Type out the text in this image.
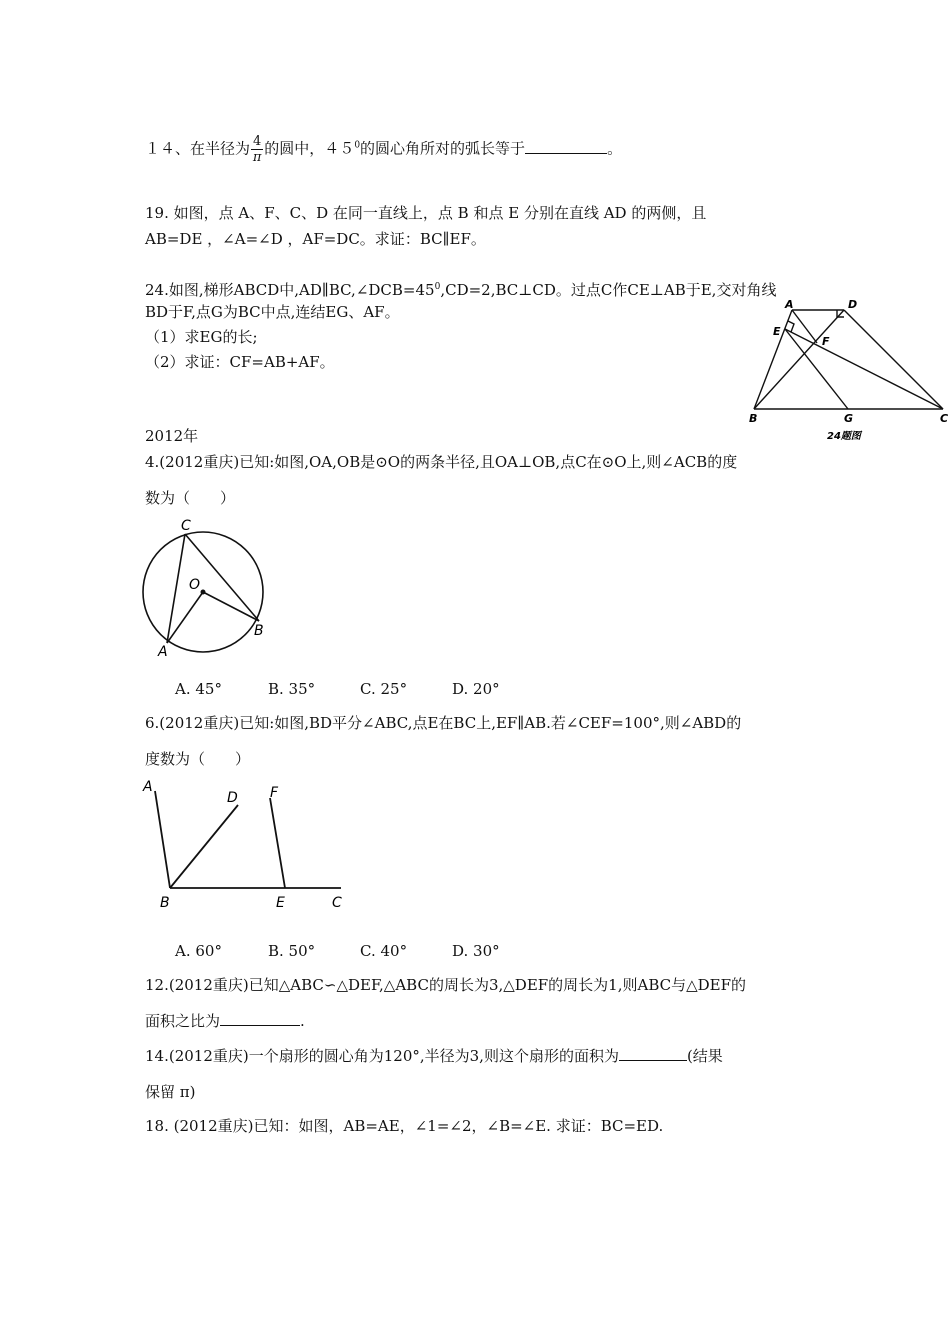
１４、在半径为 $\frac{4}{\pi}$ 的圆中，$45^0$的圆心角所对的弧长等于	。
19. 如图，点 A、F、C、D 在同一直线上，点 B 和点 E 分别在直线 AD 的两侧，且
AB=DE ，∠A=∠D ，AF=DC。求证：BC∥EF。
24.如图,梯形ABCD中$,AD\parallel BC,\angle DCB=45^0,CD=2,BC\perp CD$。过点C作CE⊥AB于E,交对角线
BD于F,点G为BC中点,连结EG、AF。
（1）求EG的长;
（2）求证：CF=AB+AF。
A	D
E
F
B	G	C
24题图
2012年
4.(2012重庆)已知:如图,OA,OB是⊙O的两条半径,且OA⊥OB,点C在⊙O上,则∠ACB的度
数为（　　）
C
O
A
B
A. 45°	B. 35°	C. 25°	D. 20°
6.(2012重庆)已知:如图,BD平分∠ABC,点E在BC上,EF∥AB.若∠CEF=100°,则∠ABD的
度数为（　　）
A
D F
B	E	C
A. 60°	B. 50°	C. 40°	D. 30°
12.(2012重庆)已知△ABC∽△DEF,△ABC的周长为3,△DEF的周长为1,则ABC与△DEF的
面积之比为	.
14.(2012重庆)一个扇形的圆心角为120°,半径为3,则这个扇形的面积为	(结果
保留 π)
18. (2012重庆)已知：如图，AB=AE，∠1=∠2，∠B=∠E. 求证：BC=ED.
